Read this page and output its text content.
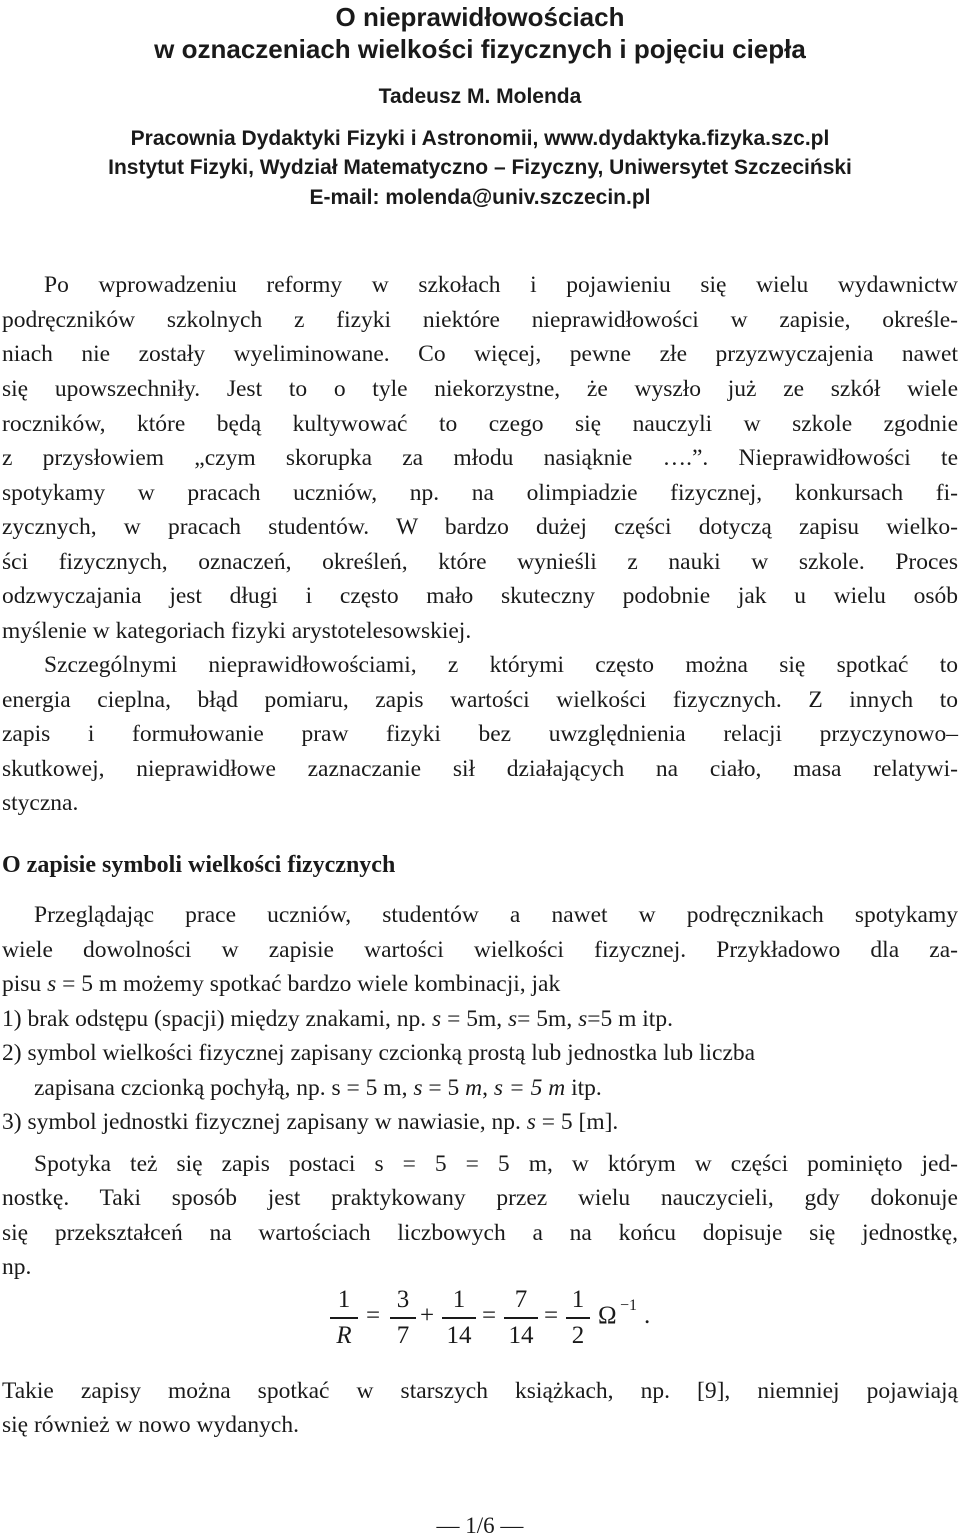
O nieprawidłowościach
w oznaczeniach wielkości fizycznych i pojęciu ciepła
Tadeusz M. Molenda
Pracownia Dydaktyki Fizyki i Astronomii, www.dydaktyka.fizyka.szc.pl
Instytut Fizyki, Wydział Matematyczno – Fizyczny, Uniwersytet Szczeciński
E-mail: molenda@univ.szczecin.pl

Po wprowadzeniu reformy w szkołach i pojawieniu się wielu wydawnictw

podręczników szkolnych z fizyki niektóre nieprawidłowości w zapisie, określe-

niach nie zostały wyeliminowane. Co więcej, pewne złe przyzwyczajenia nawet

się upowszechniły. Jest to o tyle niekorzystne, że wyszło już ze szkół wiele

roczników, które będą kultywować to czego się nauczyli w szkole zgodnie

z przysłowiem „czym skorupka za młodu nasiąknie ….”. Nieprawidłowości te

spotykamy w pracach uczniów, np. na olimpiadzie fizycznej, konkursach fi-

zycznych, w pracach studentów. W bardzo dużej części dotyczą zapisu wielko-

ści fizycznych, oznaczeń, określeń, które wynieśli z nauki w szkole. Proces

odzwyczajania jest długi i często mało skuteczny podobnie jak u wielu osób

myślenie w kategoriach fizyki arystotelesowskiej.

Szczególnymi nieprawidłowościami, z którymi często można się spotkać to

energia cieplna, błąd pomiaru, zapis wartości wielkości fizycznych. Z innych to

zapis i formułowanie praw fizyki bez uwzględnienia relacji przyczynowo–

skutkowej, nieprawidłowe zaznaczanie sił działających na ciało, masa relatywi-

styczna.

O zapisie symboli wielkości fizycznych

Przeglądając prace uczniów, studentów a nawet w podręcznikach spotykamy

wiele dowolności w zapisie wartości wielkości fizycznej. Przykładowo dla za-

pisu s = 5 m możemy spotkać bardzo wiele kombinacji, jak

1) brak odstępu (spacji) między znakami, np. s = 5m, s= 5m, s=5 m itp.

2) symbol wielkości fizycznej zapisany czcionką prostą lub jednostka lub liczba

zapisana czcionką pochyłą, np. s = 5 m, s = 5 m, s = 5 m itp.

3) symbol jednostki fizycznej zapisany w nawiasie, np. s = 5 [m].

Spotyka też się zapis postaci s = 5 = 5 m, w którym w części pominięto jed-

nostkę. Taki sposób jest praktykowany przez wielu nauczycieli, gdy dokonuje

się przekształceń na wartościach liczbowych a na końcu dopisuje się jednostkę,

np.

1
R
=
3
7
+
1
14
=
7
14
=
1
2
Ω −1 .

Takie zapisy można spotkać w starszych książkach, np. [9], niemniej pojawiają

się również w nowo wydanych.

— 1/6 —
